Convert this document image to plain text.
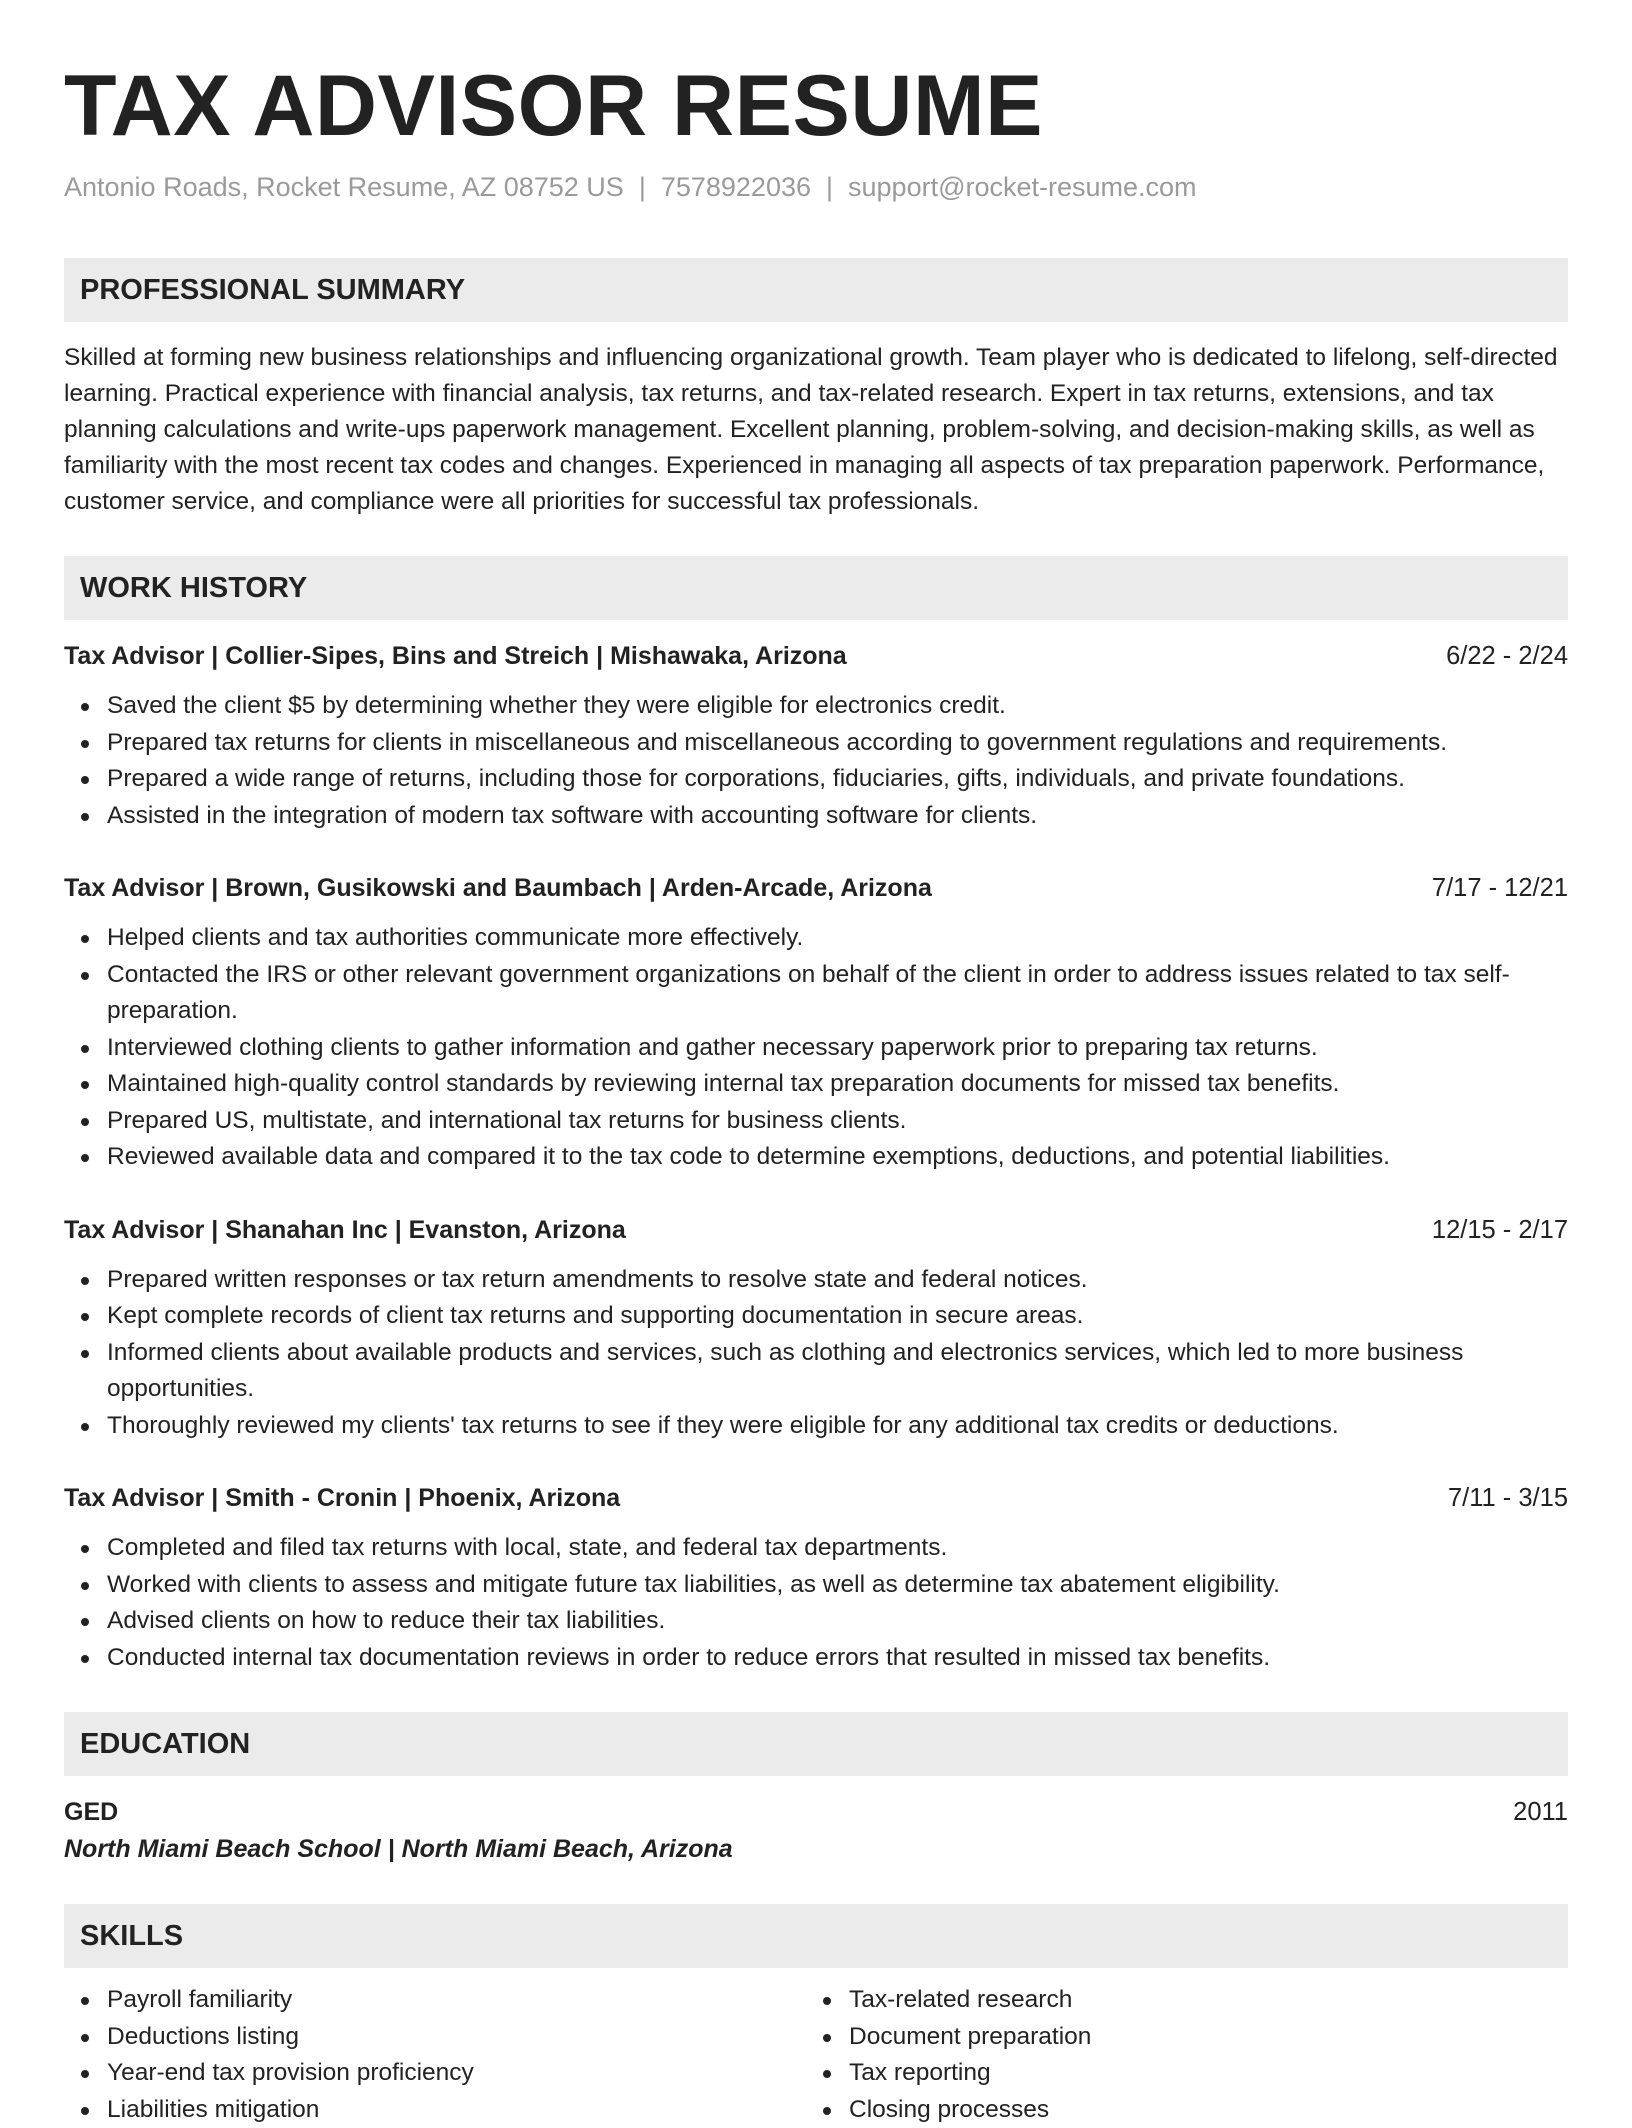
TAX ADVISOR RESUME
Antonio Roads, Rocket Resume, AZ 08752 US | 7578922036 | support@rocket-resume.com
PROFESSIONAL SUMMARY

Skilled at forming new business relationships and influencing organizational growth. Team player who is dedicated to lifelong, self-directed learning. Practical experience with financial analysis, tax returns, and tax-related research. Expert in tax returns, extensions, and tax planning calculations and write-ups paperwork management. Excellent planning, problem-solving, and decision-making skills, as well as familiarity with the most recent tax codes and changes. Experienced in managing all aspects of tax preparation paperwork. Performance, customer service, and compliance were all priorities for successful tax professionals.

WORK HISTORY
Tax Advisor | Collier-Sipes, Bins and Streich | Mishawaka, Arizona	6/22 - 2/24
Saved the client $5 by determining whether they were eligible for electronics credit.
Prepared tax returns for clients in miscellaneous and miscellaneous according to government regulations and requirements.
Prepared a wide range of returns, including those for corporations, fiduciaries, gifts, individuals, and private foundations.
Assisted in the integration of modern tax software with accounting software for clients.
Tax Advisor | Brown, Gusikowski and Baumbach | Arden-Arcade, Arizona	7/17 - 12/21
Helped clients and tax authorities communicate more effectively.
Contacted the IRS or other relevant government organizations on behalf of the client in order to address issues related to tax self-preparation.
Interviewed clothing clients to gather information and gather necessary paperwork prior to preparing tax returns.
Maintained high-quality control standards by reviewing internal tax preparation documents for missed tax benefits.
Prepared US, multistate, and international tax returns for business clients.
Reviewed available data and compared it to the tax code to determine exemptions, deductions, and potential liabilities.
Tax Advisor | Shanahan Inc | Evanston, Arizona	12/15 - 2/17
Prepared written responses or tax return amendments to resolve state and federal notices.
Kept complete records of client tax returns and supporting documentation in secure areas.
Informed clients about available products and services, such as clothing and electronics services, which led to more business opportunities.
Thoroughly reviewed my clients' tax returns to see if they were eligible for any additional tax credits or deductions.
Tax Advisor | Smith - Cronin | Phoenix, Arizona	7/11 - 3/15
Completed and filed tax returns with local, state, and federal tax departments.
Worked with clients to assess and mitigate future tax liabilities, as well as determine tax abatement eligibility.
Advised clients on how to reduce their tax liabilities.
Conducted internal tax documentation reviews in order to reduce errors that resulted in missed tax benefits.
EDUCATION
GED	2011
North Miami Beach School | North Miami Beach, Arizona
SKILLS
Payroll familiarity
Deductions listing
Year-end tax provision proficiency
Liabilities mitigation
Tax-related research
Document preparation
Tax reporting
Closing processes
